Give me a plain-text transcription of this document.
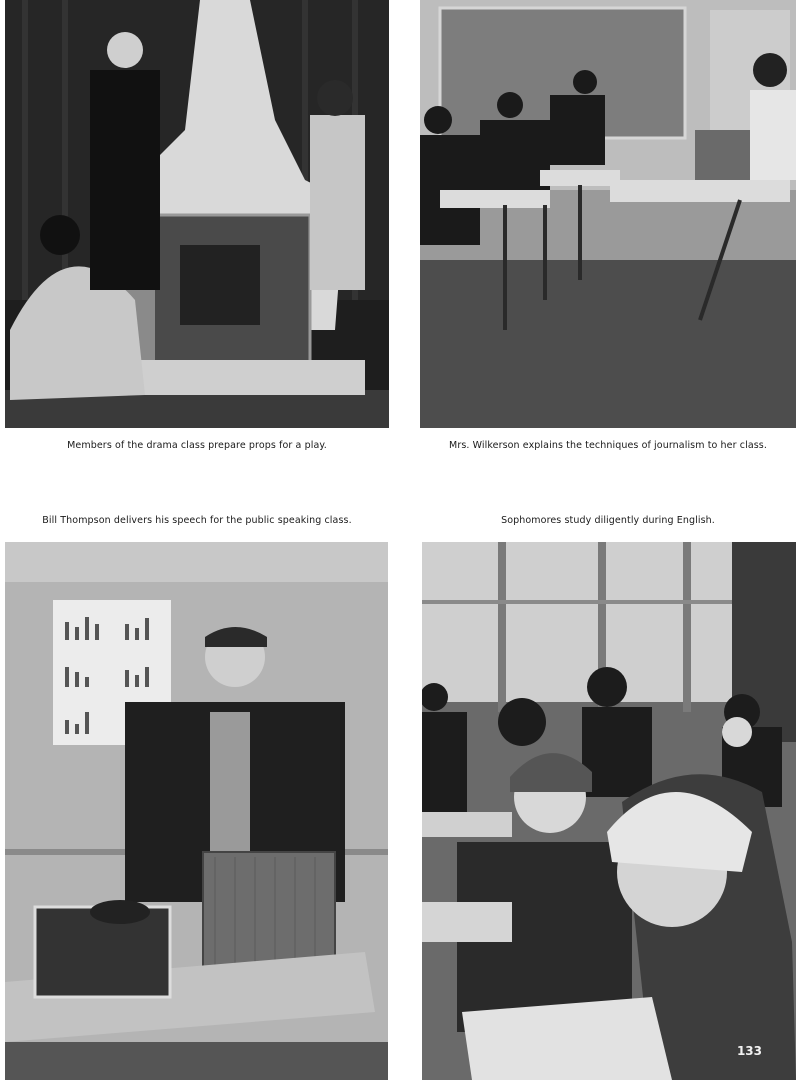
Members of the drama class prepare props for a play.	Mrs. Wilkerson explains the techniques of journalism to her class.
Bill Thompson delivers his speech for the public speaking class.	Sophomores study diligently during English.
133
